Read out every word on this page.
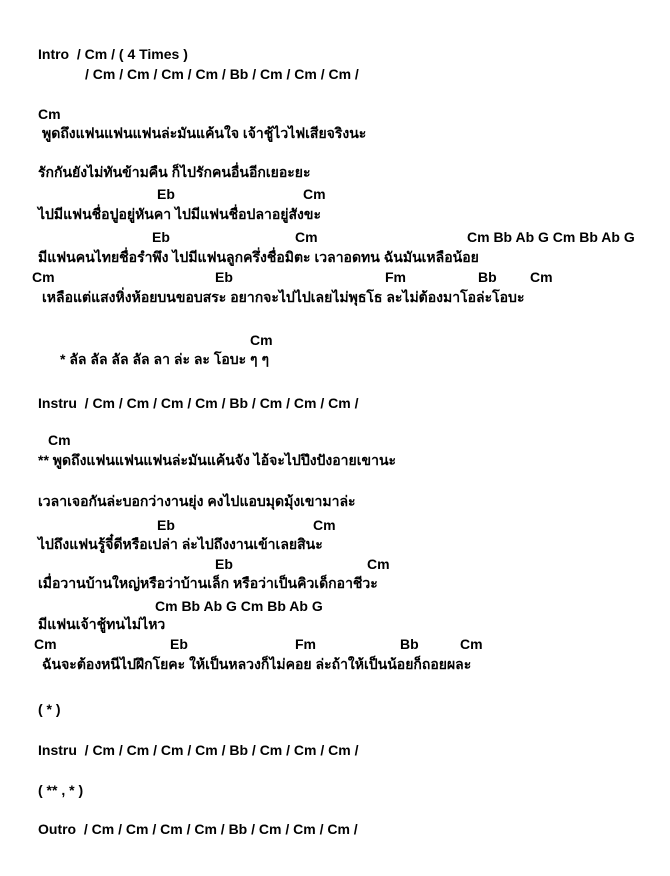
Intro  / Cm / ( 4 Times )
/ Cm / Cm / Cm / Cm / Bb / Cm / Cm / Cm /
Cm
พูดถึงแฟนแฟนแฟนล่ะมันแค้นใจ เจ้าชู้ไวไฟเสียจริงนะ
รักกันยังไม่ทันข้ามคืน ก็ไปรักคนอื่นอีกเยอะยะ
Eb	Cm
ไปมีแฟนชื่อปูอยู่หันคา ไปมีแฟนชื่อปลาอยู่สังขะ
Eb	Cm	Cm Bb Ab G Cm Bb Ab G
มีแฟนคนไทยชื่อรำพึง ไปมีแฟนลูกครึ่งชื่อมิตะ เวลาอดทน ฉันมันเหลือน้อย
Cm	Eb	Fm	Bb Cm
เหลือแต่แสงหิ่งห้อยบนขอบสระ อยากจะไปไปเลยไม่พุธโธ ละไม่ต้องมาโอล่ะโอบะ
Cm
* ลัล ลัล ลัล ลัล ลา ล่ะ ละ โอบะ ๆ ๆ
Instru  / Cm / Cm / Cm / Cm / Bb / Cm / Cm / Cm /
Cm
** พูดถึงแฟนแฟนแฟนล่ะมันแค้นจัง ไอ้จะไปปึงปังอายเขานะ
เวลาเจอกันล่ะบอกว่างานยุ่ง คงไปแอบมุดมุ้งเขามาล่ะ
Eb	Cm
ไปถึงแฟนรู้จี๋ดีหรือเปล่า ล่ะไปถึงงานเข้าเลยสินะ
Eb	Cm
เมื่อวานบ้านใหญ่หรือว่าบ้านเล็ก หรือว่าเป็นคิวเด็กอาชีวะ
Cm Bb Ab G Cm Bb Ab G
มีแฟนเจ้าชู้ทนไม่ไหว
Cm	Eb	Fm	Bb	Cm
ฉันจะต้องหนีไปฝึกโยคะ ให้เป็นหลวงก็ไม่คอย ล่ะถ้าให้เป็นน้อยก็ถอยผละ
( * )
Instru  / Cm / Cm / Cm / Cm / Bb / Cm / Cm / Cm /
( ** , * )
Outro  / Cm / Cm / Cm / Cm / Bb / Cm / Cm / Cm /
